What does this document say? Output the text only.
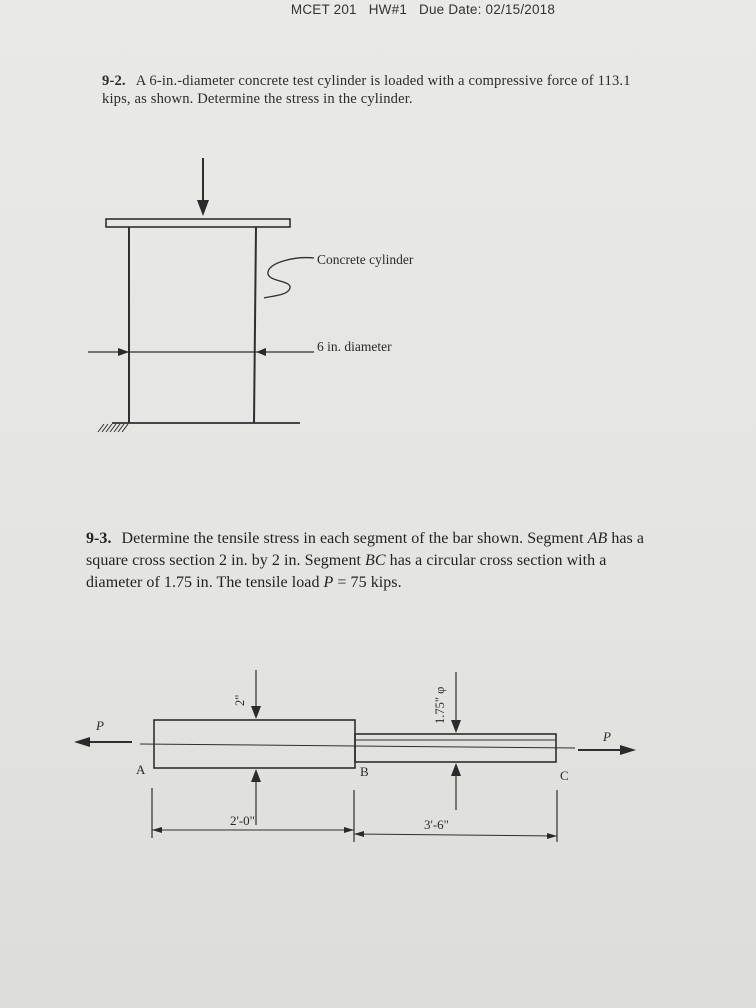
MCET 201 HW#1 Due Date: 02/15/2018
9-2. A 6-in.-diameter concrete test cylinder is loaded with a compressive force of 113.1 kips, as shown. Determine the stress in the cylinder.
9-3. Determine the tensile stress in each segment of the bar shown. Segment AB has a square cross section 2 in. by 2 in. Segment BC has a circular cross section with a diameter of 1.75 in. The tensile load P = 75 kips.
Concrete cylinder
6 in. diameter
P
P
A	B	C
2"	1.75" φ
2'-0"	3'-6"
